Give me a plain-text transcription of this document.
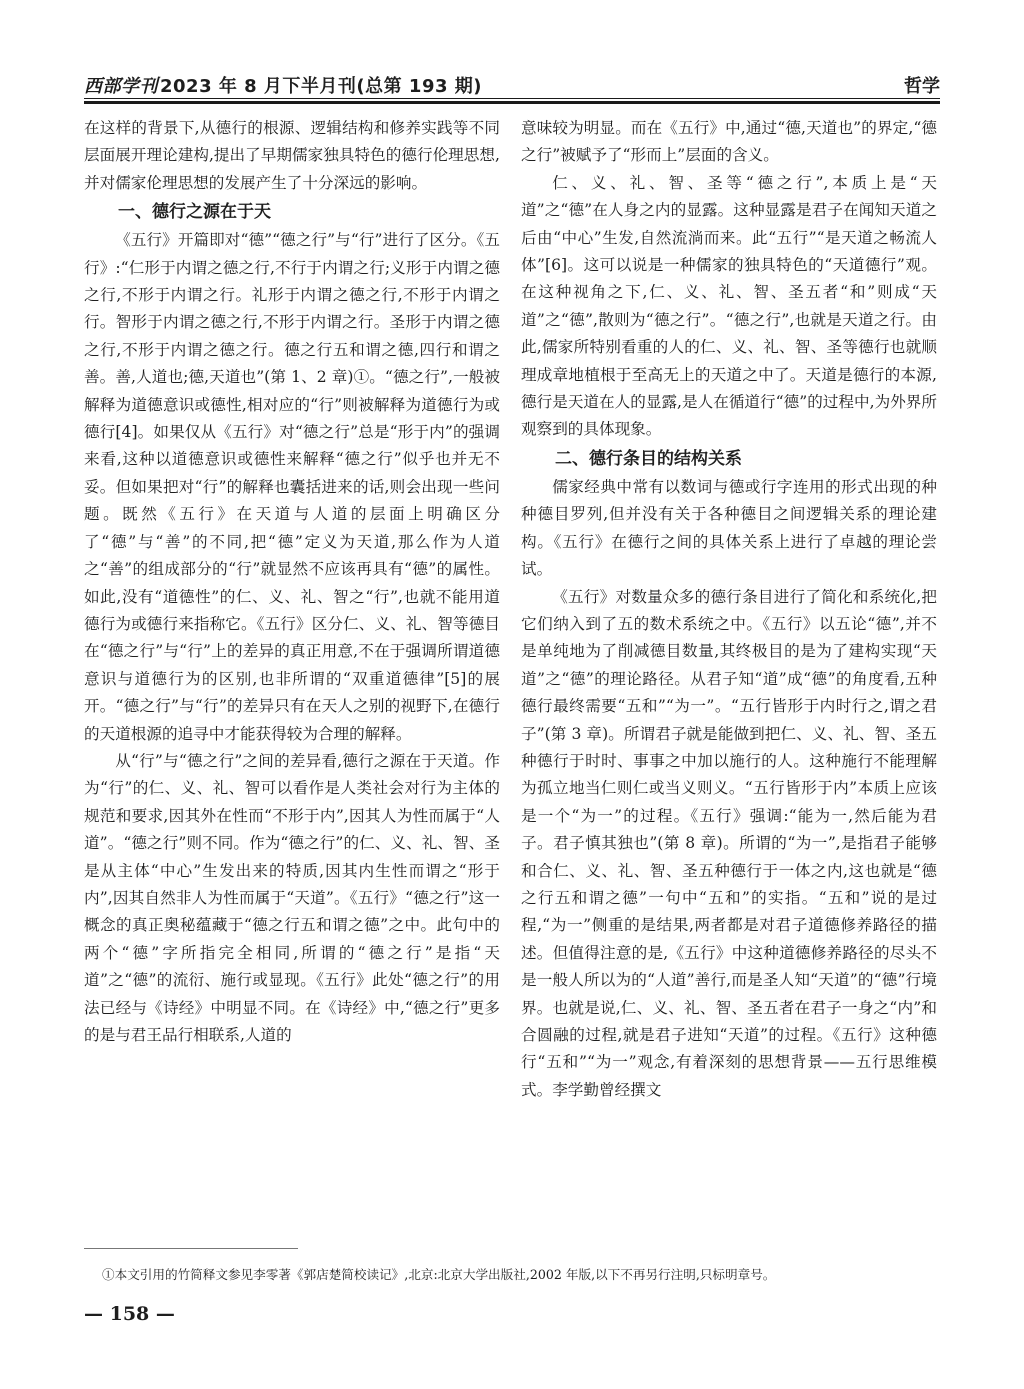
西部学刊 2023 年 8 月下半月刊(总第 193 期)	哲学

在这样的背景下,从德行的根源、逻辑结构和修养实践等不同层面展开理论建构,提出了早期儒家独具特色的德行伦理思想,并对儒家伦理思想的发展产生了十分深远的影响。

一、德行之源在于天

《五行》开篇即对“德”“德之行”与“行”进行了区分。《五行》:“仁形于内谓之德之行,不行于内谓之行;义形于内谓之德之行,不形于内谓之行。礼形于内谓之德之行,不形于内谓之行。智形于内谓之德之行,不形于内谓之行。圣形于内谓之德之行,不形于内谓之德之行。德之行五和谓之德,四行和谓之善。善,人道也;德,天道也”(第 1、2 章)①。“德之行”,一般被解释为道德意识或德性,相对应的“行”则被解释为道德行为或德行[4]。如果仅从《五行》对“德之行”总是“形于内”的强调来看,这种以道德意识或德性来解释“德之行”似乎也并无不妥。但如果把对“行”的解释也囊括进来的话,则会出现一些问题。既然《五行》在天道与人道的层面上明确区分了“德”与“善”的不同,把“德”定义为天道,那么作为人道之“善”的组成部分的“行”就显然不应该再具有“德”的属性。如此,没有“道德性”的仁、义、礼、智之“行”,也就不能用道德行为或德行来指称它。《五行》区分仁、义、礼、智等德目在“德之行”与“行”上的差异的真正用意,不在于强调所谓道德意识与道德行为的区别,也非所谓的“双重道德律”[5]的展开。“德之行”与“行”的差异只有在天人之别的视野下,在德行的天道根源的追寻中才能获得较为合理的解释。

从“行”与“德之行”之间的差异看,德行之源在于天道。作为“行”的仁、义、礼、智可以看作是人类社会对行为主体的规范和要求,因其外在性而“不形于内”,因其人为性而属于“人道”。“德之行”则不同。作为“德之行”的仁、义、礼、智、圣是从主体“中心”生发出来的特质,因其内生性而谓之“形于内”,因其自然非人为性而属于“天道”。《五行》“德之行”这一概念的真正奥秘蕴藏于“德之行五和谓之德”之中。此句中的两个“德”字所指完全相同,所谓的“德之行”是指“天道”之“德”的流衍、施行或显现。《五行》此处“德之行”的用法已经与《诗经》中明显不同。在《诗经》中,“德之行”更多的是与君王品行相联系,人道的

意味较为明显。而在《五行》中,通过“德,天道也”的界定,“德之行”被赋予了“形而上”层面的含义。

仁、义、礼、智、圣等“德之行”,本质上是“天道”之“德”在人身之内的显露。这种显露是君子在闻知天道之后由“中心”生发,自然流淌而来。此“五行”“是天道之畅流人体”[6]。这可以说是一种儒家的独具特色的“天道德行”观。在这种视角之下,仁、义、礼、智、圣五者“和”则成“天道”之“德”,散则为“德之行”。“德之行”,也就是天道之行。由此,儒家所特别看重的人的仁、义、礼、智、圣等德行也就顺理成章地植根于至高无上的天道之中了。天道是德行的本源,德行是天道在人的显露,是人在循道行“德”的过程中,为外界所观察到的具体现象。

二、德行条目的结构关系

儒家经典中常有以数词与德或行字连用的形式出现的种种德目罗列,但并没有关于各种德目之间逻辑关系的理论建构。《五行》在德行之间的具体关系上进行了卓越的理论尝试。

《五行》对数量众多的德行条目进行了简化和系统化,把它们纳入到了五的数术系统之中。《五行》以五论“德”,并不是单纯地为了削减德目数量,其终极目的是为了建构实现“天道”之“德”的理论路径。从君子知“道”成“德”的角度看,五种德行最终需要“五和”“为一”。“五行皆形于内时行之,谓之君子”(第 3 章)。所谓君子就是能做到把仁、义、礼、智、圣五种德行于时时、事事之中加以施行的人。这种施行不能理解为孤立地当仁则仁或当义则义。“五行皆形于内”本质上应该是一个“为一”的过程。《五行》强调:“能为一,然后能为君子。君子慎其独也”(第 8 章)。所谓的“为一”,是指君子能够和合仁、义、礼、智、圣五种德行于一体之内,这也就是“德之行五和谓之德”一句中“五和”的实指。“五和”说的是过程,“为一”侧重的是结果,两者都是对君子道德修养路径的描述。但值得注意的是,《五行》中这种道德修养路径的尽头不是一般人所以为的“人道”善行,而是圣人知“天道”的“德”行境界。也就是说,仁、义、礼、智、圣五者在君子一身之“内”和合圆融的过程,就是君子进知“天道”的过程。《五行》这种德行“五和”“为一”观念,有着深刻的思想背景——五行思维模式。李学勤曾经撰文

①本文引用的竹简释文参见李零著《郭店楚简校读记》,北京:北京大学出版社,2002 年版,以下不再另行注明,只标明章号。
— 158 —
